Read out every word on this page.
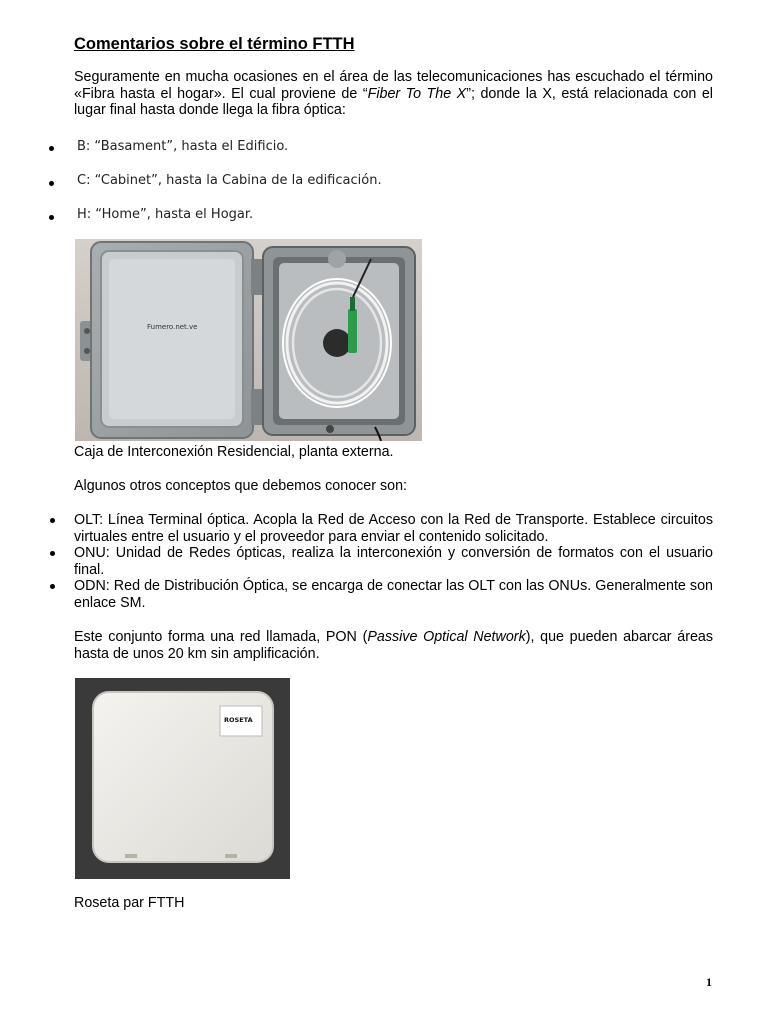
Comentarios sobre el término FTTH
Seguramente en mucha ocasiones en el área de las telecomunicaciones has escuchado el término «Fibra hasta el hogar». El cual proviene de “Fiber To The X”; donde la X, está relacionada con el lugar final hasta donde llega la fibra óptica:
B: “Basament”, hasta el Edificio.
C: “Cabinet”, hasta la Cabina de la edificación.
H: “Home”, hasta el Hogar.
Fumero.net.ve
Caja de Interconexión Residencial, planta externa.
Algunos otros conceptos que debemos conocer son:
OLT: Línea Terminal óptica. Acopla la Red de Acceso con la Red de Transporte. Establece circuitos virtuales entre el usuario y el proveedor para enviar el contenido solicitado.
ONU: Unidad de Redes ópticas, realiza la interconexión y conversión de formatos con el usuario final.
ODN: Red de Distribución Óptica, se encarga de conectar las OLT con las ONUs. Generalmente son enlace SM.
Este conjunto forma una red llamada, PON (Passive Optical Network), que pueden abarcar áreas hasta de unos 20 km sin amplificación.
ROSETA
Roseta par FTTH
1
